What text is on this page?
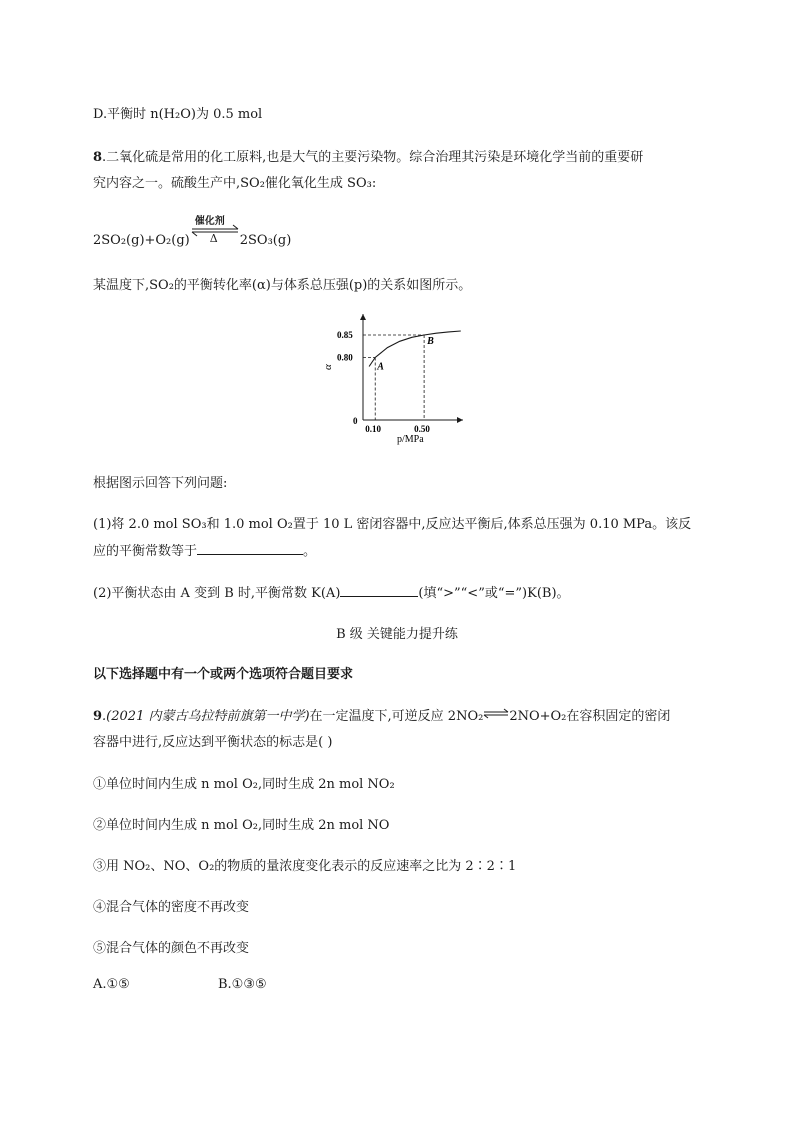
D.平衡时 n(H₂O)为 0.5 mol
8.二氧化硫是常用的化工原料,也是大气的主要污染物。综合治理其污染是环境化学当前的重要研
究内容之一。硫酸生产中,SO₂催化氧化生成 SO₃:
2SO₂(g)+O₂(g)
催化剂
Δ 2SO₃(g)
某温度下,SO₂的平衡转化率(α)与体系总压强(p)的关系如图所示。
0
α
p/MPa
A
0.80
0.10
B
0.85
0.50
根据图示回答下列问题:
(1)将 2.0 mol SO₃和 1.0 mol O₂置于 10 L 密闭容器中,反应达平衡后,体系总压强为 0.10 MPa。该反
应的平衡常数等于	。
(2)平衡状态由 A 变到 B 时,平衡常数 K(A)	(填“>”“<”或“=”)K(B)。
B 级 关键能力提升练
以下选择题中有一个或两个选项符合题目要求
9.(2021 内蒙古乌拉特前旗第一中学)在一定温度下,可逆反应 2NO₂⇌2NO+O₂在容积固定的密闭
容器中进行,反应达到平衡状态的标志是( )
①单位时间内生成 n mol O₂,同时生成 2n mol NO₂
②单位时间内生成 n mol O₂,同时生成 2n mol NO
③用 NO₂、NO、O₂的物质的量浓度变化表示的反应速率之比为 2∶2∶1
④混合气体的密度不再改变
⑤混合气体的颜色不再改变
A.①⑤	B.①③⑤
